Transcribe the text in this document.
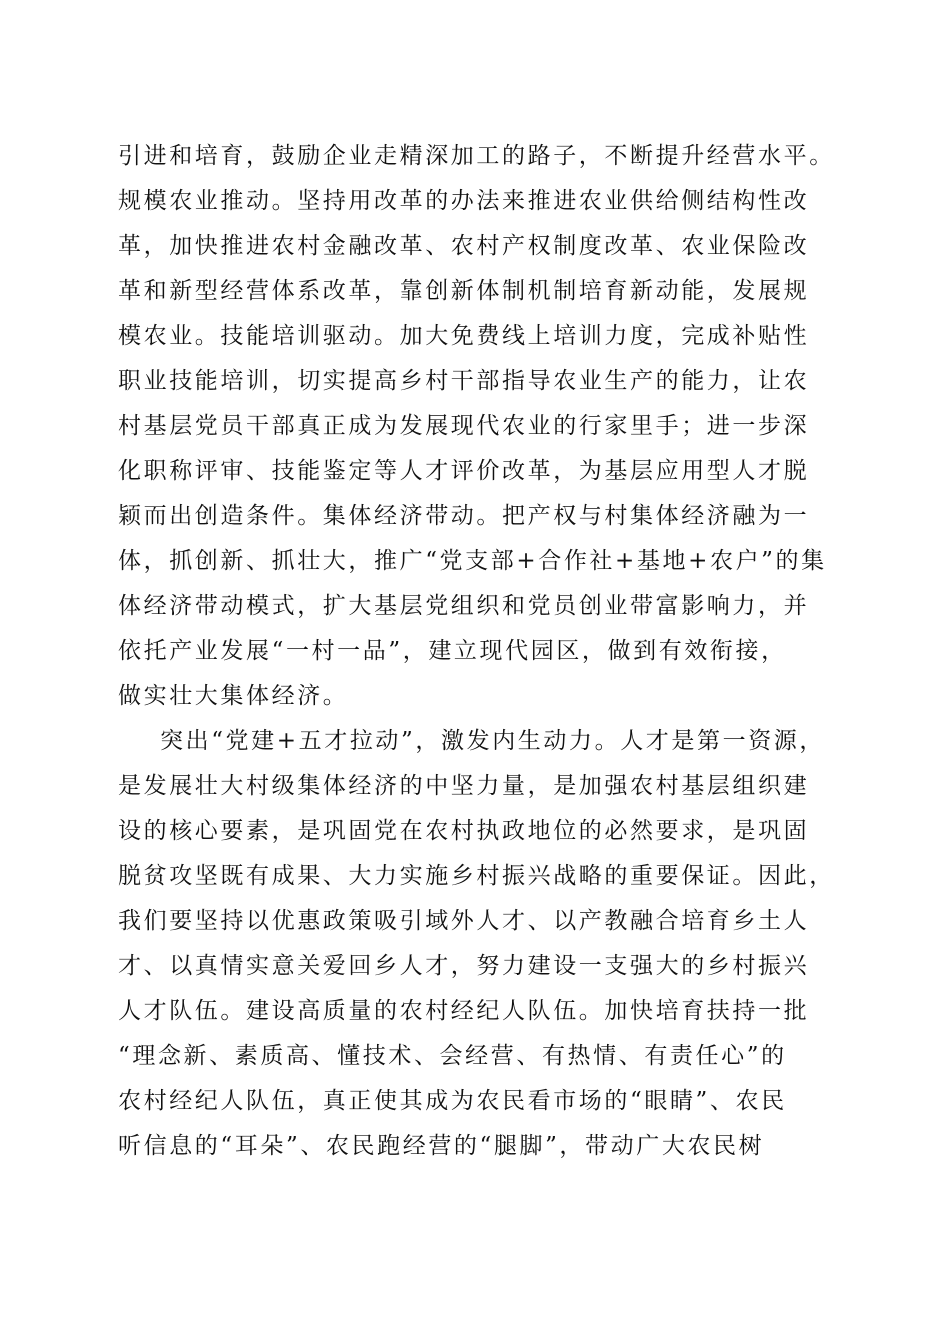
引进和培育，鼓励企业走精深加工的路子，不断提升经营水平。
规模农业推动。坚持用改革的办法来推进农业供给侧结构性改
革，加快推进农村金融改革、农村产权制度改革、农业保险改
革和新型经营体系改革，靠创新体制机制培育新动能，发展规
模农业。技能培训驱动。加大免费线上培训力度，完成补贴性
职业技能培训，切实提高乡村干部指导农业生产的能力，让农
村基层党员干部真正成为发展现代农业的行家里手；进一步深
化职称评审、技能鉴定等人才评价改革，为基层应用型人才脱
颖而出创造条件。集体经济带动。把产权与村集体经济融为一
体，抓创新、抓壮大，推广“党支部+合作社+基地+农户”的集
体经济带动模式，扩大基层党组织和党员创业带富影响力，并
依托产业发展“一村一品”，建立现代园区，做到有效衔接，
做实壮大集体经济。
突出“党建+五才拉动”，激发内生动力。人才是第一资源，
是发展壮大村级集体经济的中坚力量，是加强农村基层组织建
设的核心要素，是巩固党在农村执政地位的必然要求，是巩固
脱贫攻坚既有成果、大力实施乡村振兴战略的重要保证。因此，
我们要坚持以优惠政策吸引域外人才、以产教融合培育乡土人
才、以真情实意关爱回乡人才，努力建设一支强大的乡村振兴
人才队伍。建设高质量的农村经纪人队伍。加快培育扶持一批
“理念新、素质高、懂技术、会经营、有热情、有责任心”的
农村经纪人队伍，真正使其成为农民看市场的“眼睛”、农民
听信息的“耳朵”、农民跑经营的“腿脚”，带动广大农民树
